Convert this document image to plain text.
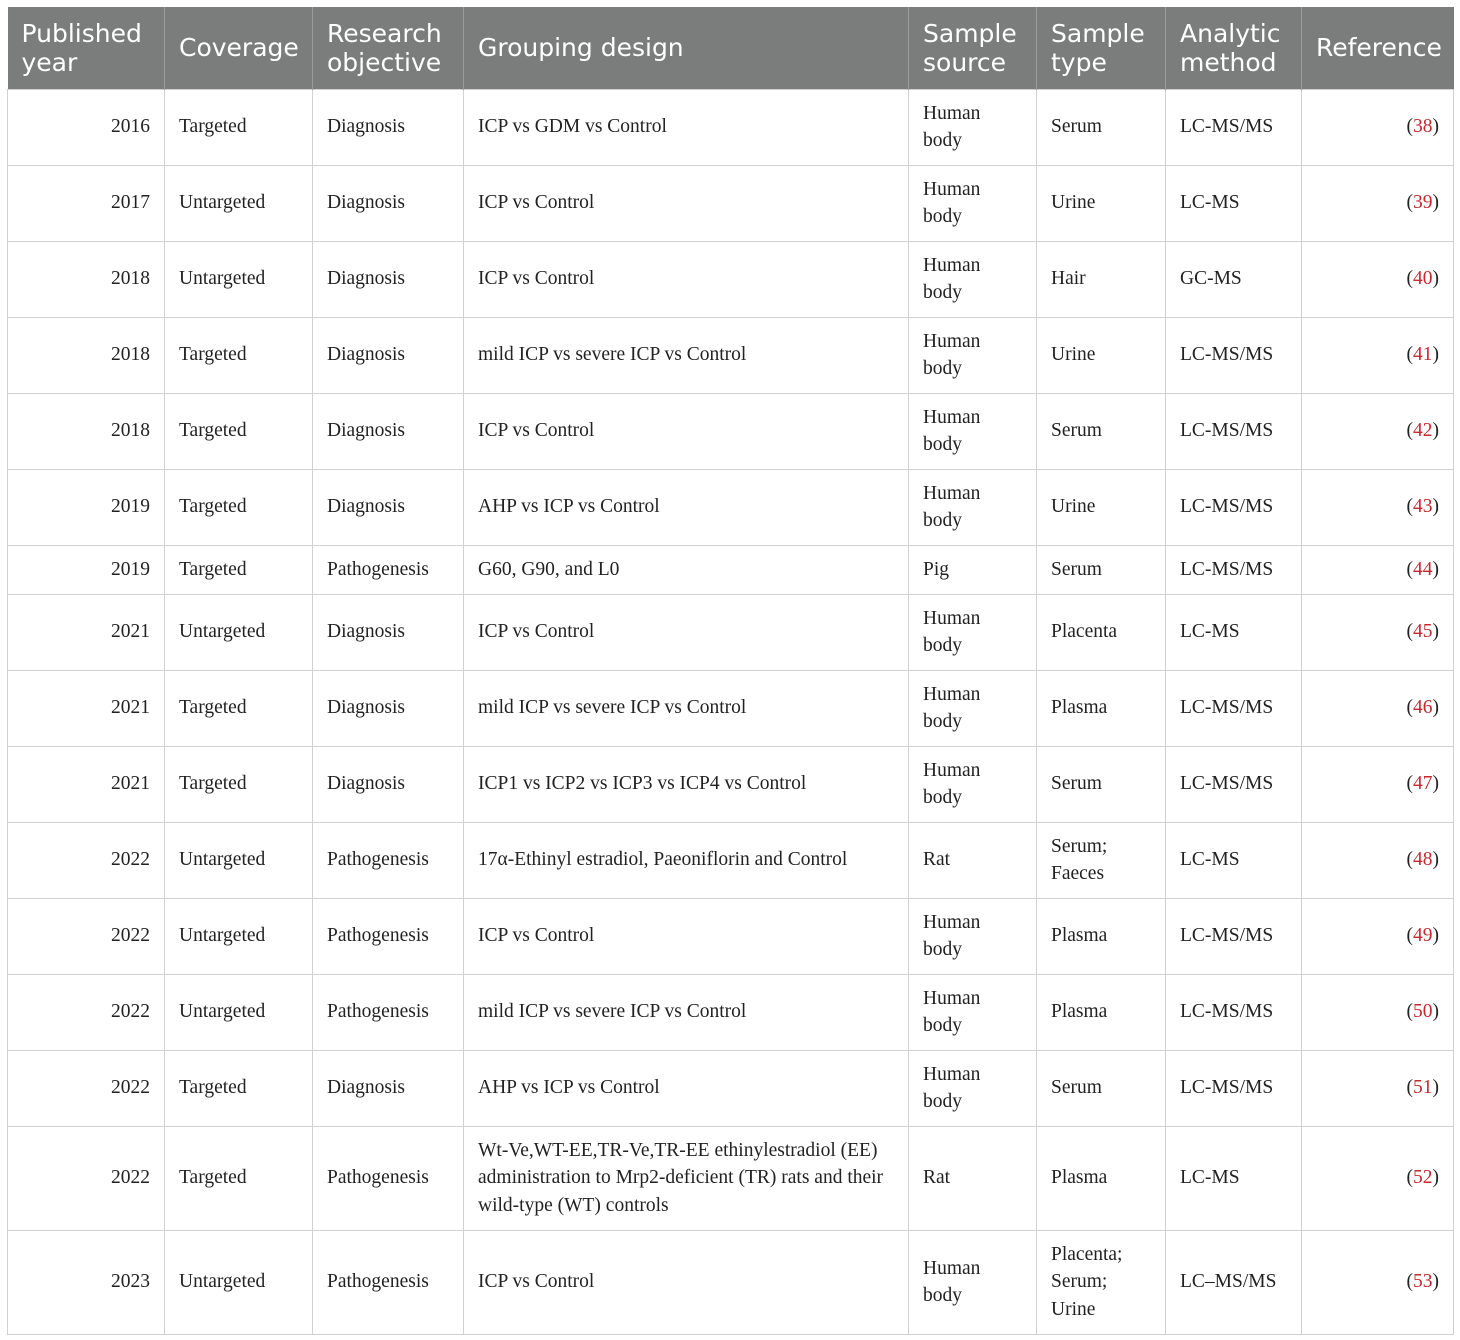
Published year	Coverage	Research objective	Grouping design	Sample source	Sample type	Analytic method	Reference
2016	Targeted	Diagnosis	ICP vs GDM vs Control	Human body	Serum	LC-MS/MS	(38)
2017	Untargeted	Diagnosis	ICP vs Control	Human body	Urine	LC-MS	(39)
2018	Untargeted	Diagnosis	ICP vs Control	Human body	Hair	GC-MS	(40)
2018	Targeted	Diagnosis	mild ICP vs severe ICP vs Control	Human body	Urine	LC-MS/MS	(41)
2018	Targeted	Diagnosis	ICP vs Control	Human body	Serum	LC-MS/MS	(42)
2019	Targeted	Diagnosis	AHP vs ICP vs Control	Human body	Urine	LC-MS/MS	(43)
2019	Targeted	Pathogenesis	G60, G90, and L0	Pig	Serum	LC-MS/MS	(44)
2021	Untargeted	Diagnosis	ICP vs Control	Human body	Placenta	LC-MS	(45)
2021	Targeted	Diagnosis	mild ICP vs severe ICP vs Control	Human body	Plasma	LC-MS/MS	(46)
2021	Targeted	Diagnosis	ICP1 vs ICP2 vs ICP3 vs ICP4 vs Control	Human body	Serum	LC-MS/MS	(47)
2022	Untargeted	Pathogenesis	17α-Ethinyl estradiol, Paeoniflorin and Control	Rat	Serum; Faeces	LC-MS	(48)
2022	Untargeted	Pathogenesis	ICP vs Control	Human body	Plasma	LC-MS/MS	(49)
2022	Untargeted	Pathogenesis	mild ICP vs severe ICP vs Control	Human body	Plasma	LC-MS/MS	(50)
2022	Targeted	Diagnosis	AHP vs ICP vs Control	Human body	Serum	LC-MS/MS	(51)
2022	Targeted	Pathogenesis	Wt-Ve,WT-EE,TR-Ve,TR-EE ethinylestradiol (EE) administration to Mrp2-deficient (TR) rats and their wild-type (WT) controls	Rat	Plasma	LC-MS	(52)
2023	Untargeted	Pathogenesis	ICP vs Control	Human body	Placenta; Serum; Urine	LC–MS/MS	(53)
